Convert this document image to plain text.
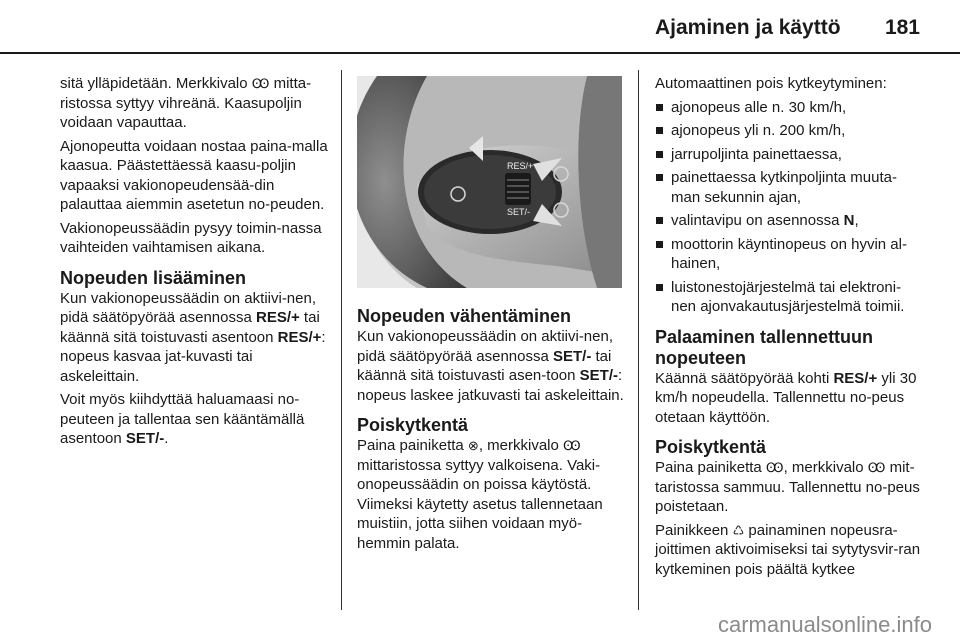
Ajaminen ja käyttö 181

sitä ylläpidetään. Merkkivalo Ꙭ mitta-ristossa syttyy vihreänä. Kaasupoljin voidaan vapauttaa.

Ajonopeutta voidaan nostaa paina-malla kaasua. Päästettäessä kaasu-poljin vapaaksi vakionopeudensää-din palauttaa aiemmin asetetun no-peuden.

Vakionopeussäädin pysyy toimin-nassa vaihteiden vaihtamisen aikana.

Nopeuden lisääminen

Kun vakionopeussäädin on aktiivi-nen, pidä säätöpyörää asennossa RES/+ tai käännä sitä toistuvasti asentoon RES/+: nopeus kasvaa jat-kuvasti tai askeleittain.

Voit myös kiihdyttää haluamaasi no-peuteen ja tallentaa sen kääntämällä asentoon SET/-.

RES/+
SET/-
Nopeuden vähentäminen

Kun vakionopeussäädin on aktiivi-nen, pidä säätöpyörää asennossa SET/- tai käännä sitä toistuvasti asen-toon SET/-: nopeus laskee jatkuvasti tai askeleittain.

Poiskytkentä

Paina painiketta ⊗, merkkivalo Ꙭ mittaristossa syttyy valkoisena. Vaki-onopeussäädin on poissa käytöstä. Viimeksi käytetty asetus tallennetaan muistiin, jotta siihen voidaan myö-hemmin palata.

Automaattinen pois kytkeytyminen:

ajonopeus alle n. 30 km/h,
ajonopeus yli n. 200 km/h,
jarrupoljinta painettaessa,
painettaessa kytkinpoljinta muuta-man sekunnin ajan,
valintavipu on asennossa N,
moottorin käyntinopeus on hyvin al-hainen,
luistonestojärjestelmä tai elektroni-nen ajonvakautusjärjestelmä toimii.
Palaaminen tallennettuun nopeuteen

Käännä säätöpyörää kohti RES/+ yli 30 km/h nopeudella. Tallennettu no-peus otetaan käyttöön.

Poiskytkentä

Paina painiketta Ꙭ, merkkivalo Ꙭ mit-taristossa sammuu. Tallennettu no-peus poistetaan.

Painikkeen ♺ painaminen nopeusra-joittimen aktivoimiseksi tai sytytysvir-ran kytkeminen pois päältä kytkee

carmanualsonline.info
